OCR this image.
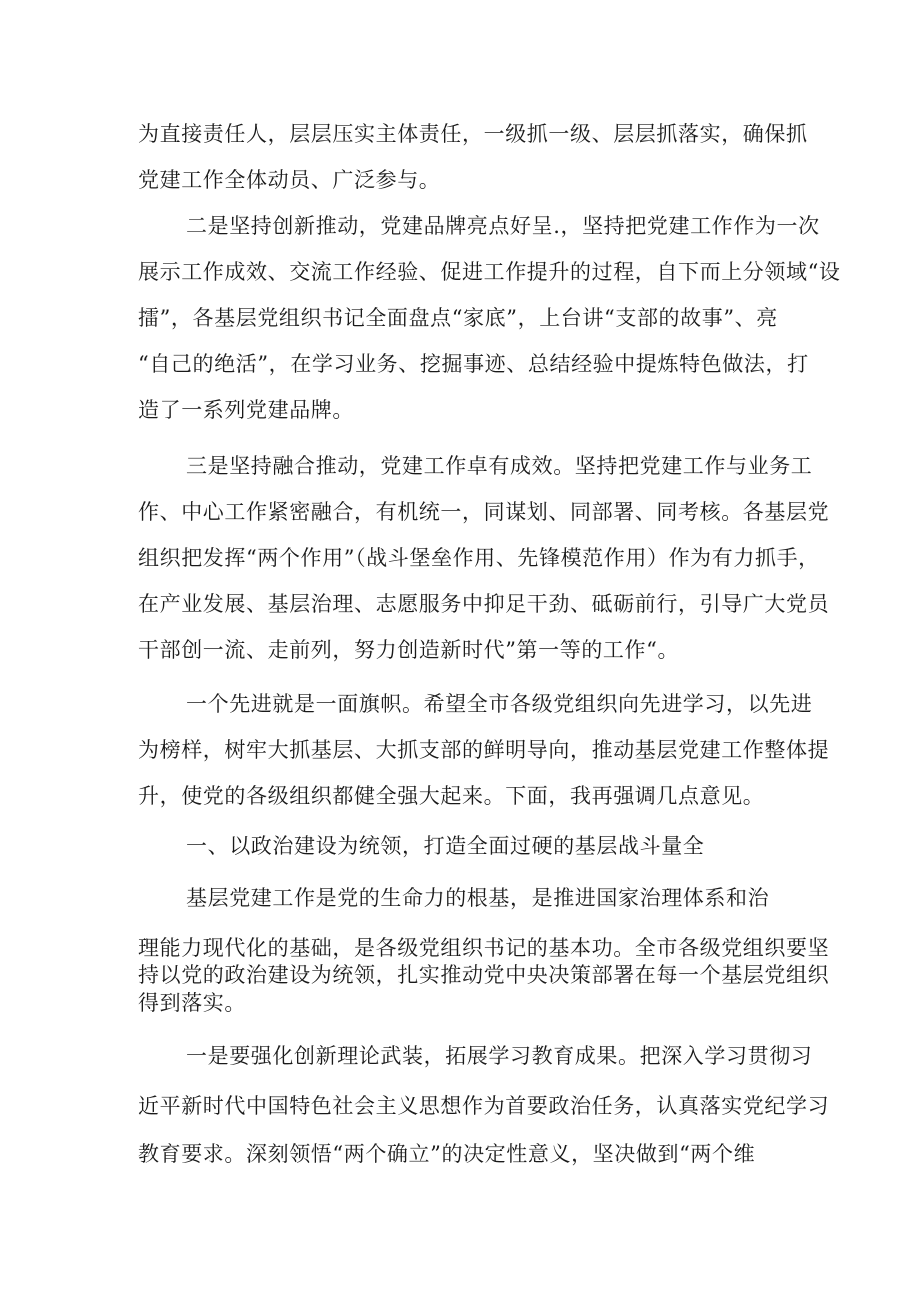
为直接责任人，层层压实主体责任，一级抓一级、层层抓落实，确保抓

党建工作全体动员、广泛参与。

二是坚持创新推动，党建品牌亮点好呈.，坚持把党建工作作为一次

展示工作成效、交流工作经验、促进工作提升的过程，自下而上分领域“设

擂”，各基层党组织书记全面盘点“家底”，上台讲“支部的故事”、亮

“自己的绝活”，在学习业务、挖掘事迹、总结经验中提炼特色做法，打

造了一系列党建品牌。

三是坚持融合推动，党建工作卓有成效。坚持把党建工作与业务工

作、中心工作紧密融合，有机统一，同谋划、同部署、同考核。各基层党

组织把发挥“两个作用”（战斗堡垒作用、先锋模范作用）作为有力抓手，

在产业发展、基层治理、志愿服务中抑足干劲、砥砺前行，引导广大党员

干部创一流、走前列，努力创造新时代”第一等的工作“。

一个先进就是一面旗帜。希望全市各级党组织向先进学习，以先进

为榜样，树牢大抓基层、大抓支部的鲜明导向，推动基层党建工作整体提

升，使党的各级组织都健全强大起来。下面，我再强调几点意见。

一、以政治建设为统领，打造全面过硬的基层战斗量全

基层党建工作是党的生命力的根基，是推进国家治理体系和治

理能力现代化的基础，是各级党组织书记的基本功。全市各级党组织要坚

持以党的政治建设为统领，扎实推动党中央决策部署在每一个基层党组织

得到落实。

一是要强化创新理论武装，拓展学习教育成果。把深入学习贯彻习

近平新时代中国特色社会主义思想作为首要政治任务，认真落实党纪学习

教育要求。深刻领悟“两个确立”的决定性意义，坚决做到“两个维
